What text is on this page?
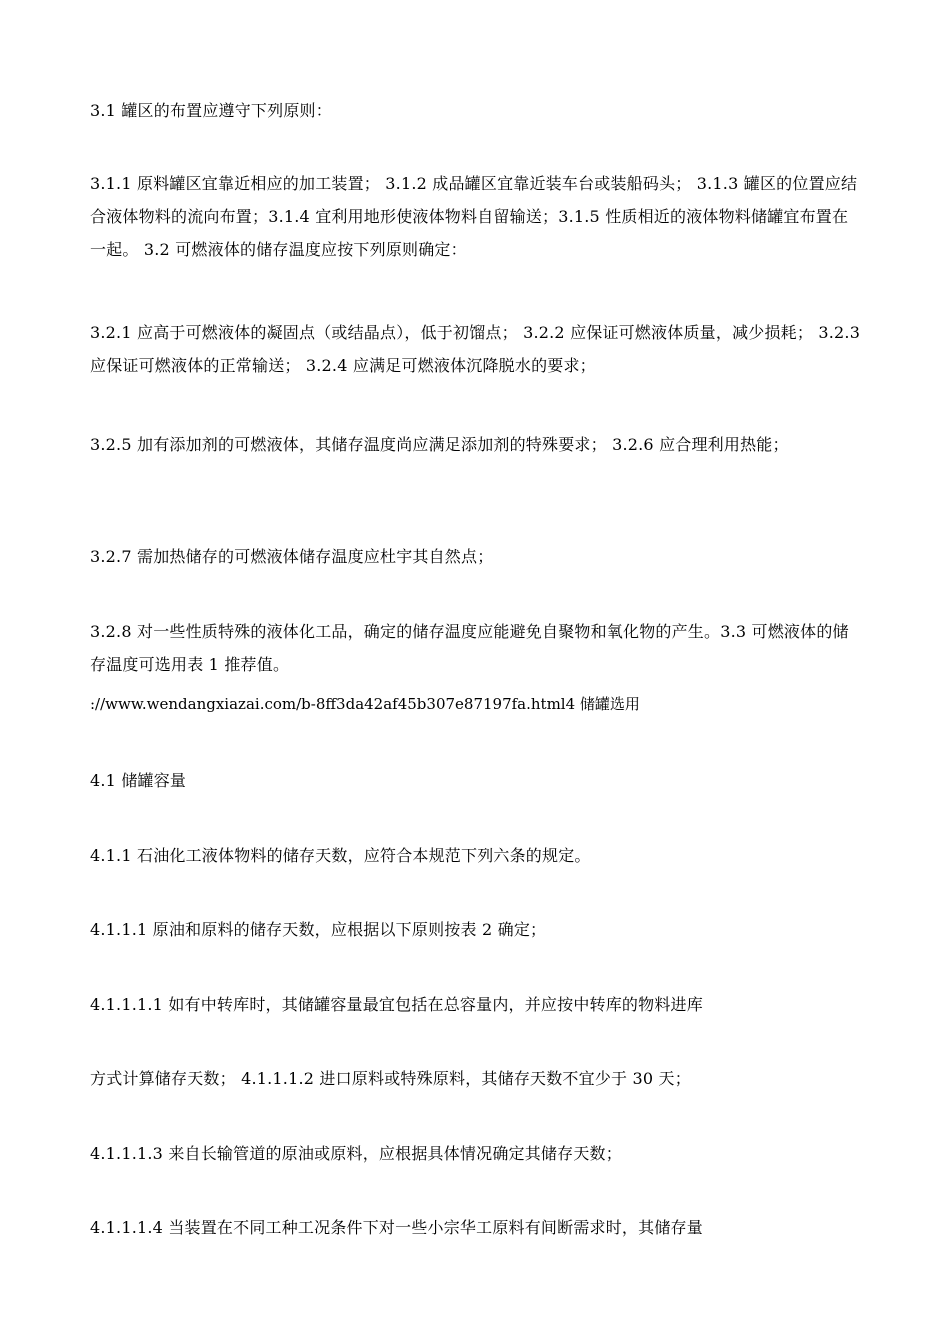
3.1 罐区的布置应遵守下列原则：

3.1.1 原料罐区宜靠近相应的加工装置； 3.1.2 成品罐区宜靠近装车台或装船码头； 3.1.3 罐区的位置应结合液体物料的流向布置；3.1.4 宜利用地形使液体物料自留输送；3.1.5 性质相近的液体物料储罐宜布置在一起。 3.2 可燃液体的储存温度应按下列原则确定：

3.2.1 应高于可燃液体的凝固点（或结晶点），低于初馏点； 3.2.2 应保证可燃液体质量，减少损耗； 3.2.3 应保证可燃液体的正常输送； 3.2.4 应满足可燃液体沉降脱水的要求；

3.2.5 加有添加剂的可燃液体，其储存温度尚应满足添加剂的特殊要求； 3.2.6 应合理利用热能；

3.2.7 需加热储存的可燃液体储存温度应杜宇其自然点；

3.2.8 对一些性质特殊的液体化工品，确定的储存温度应能避免自聚物和氧化物的产生。3.3 可燃液体的储存温度可选用表 1 推荐值。

://www.wendangxiazai.com/b-8ff3da42af45b307e87197fa.html4 储罐选用

4.1 储罐容量

4.1.1 石油化工液体物料的储存天数，应符合本规范下列六条的规定。

4.1.1.1 原油和原料的储存天数，应根据以下原则按表 2 确定；

4.1.1.1.1 如有中转库时，其储罐容量最宜包括在总容量内，并应按中转库的物料进库

方式计算储存天数； 4.1.1.1.2 进口原料或特殊原料，其储存天数不宜少于 30 天；

4.1.1.1.3 来自长输管道的原油或原料，应根据具体情况确定其储存天数；

4.1.1.1.4 当装置在不同工种工况条件下对一些小宗华工原料有间断需求时，其储存量
